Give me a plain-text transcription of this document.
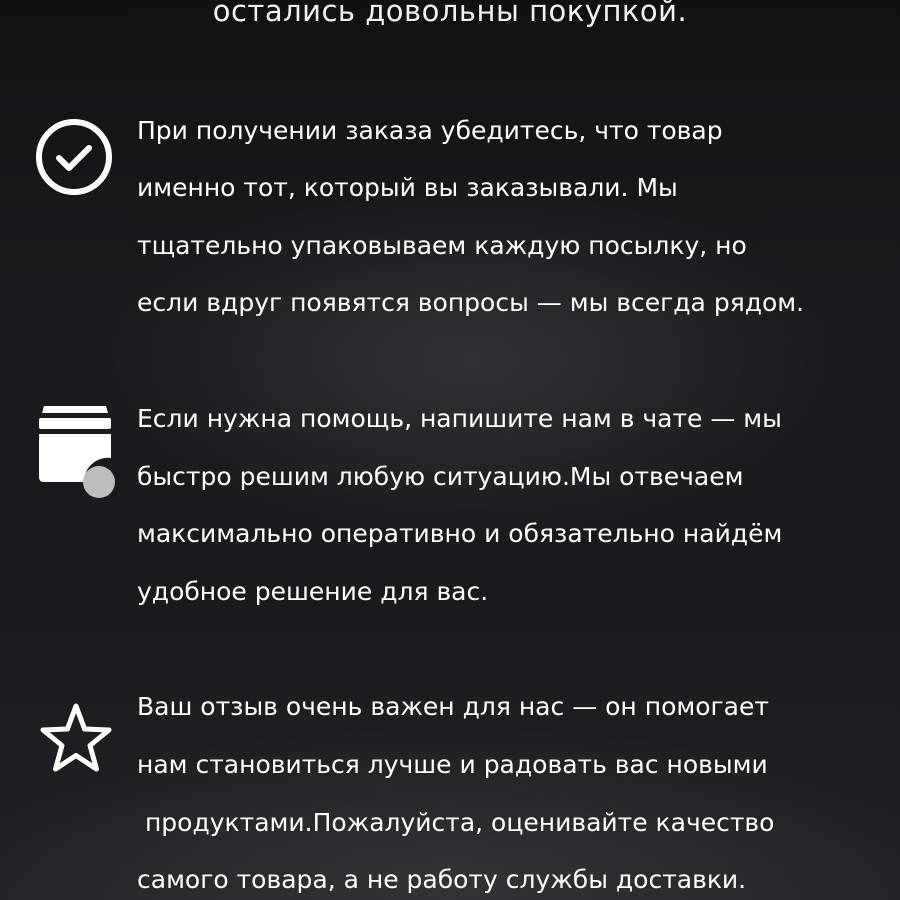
остались довольны покупкой.
При получении заказа убедитесь, что товар
именно тот, который вы заказывали. Мы
тщательно упаковываем каждую посылку, но
если вдруг появятся вопросы — мы всегда рядом.
Если нужна помощь, напишите нам в чате — мы
быстро решим любую ситуацию.Мы отвечаем
максимально оперативно и обязательно найдём
удобное решение для вас.
Ваш отзыв очень важен для нас — он помогает
нам становиться лучше и радовать вас новыми
продуктами.Пожалуйста, оценивайте качество
самого товара, а не работу службы доставки.
